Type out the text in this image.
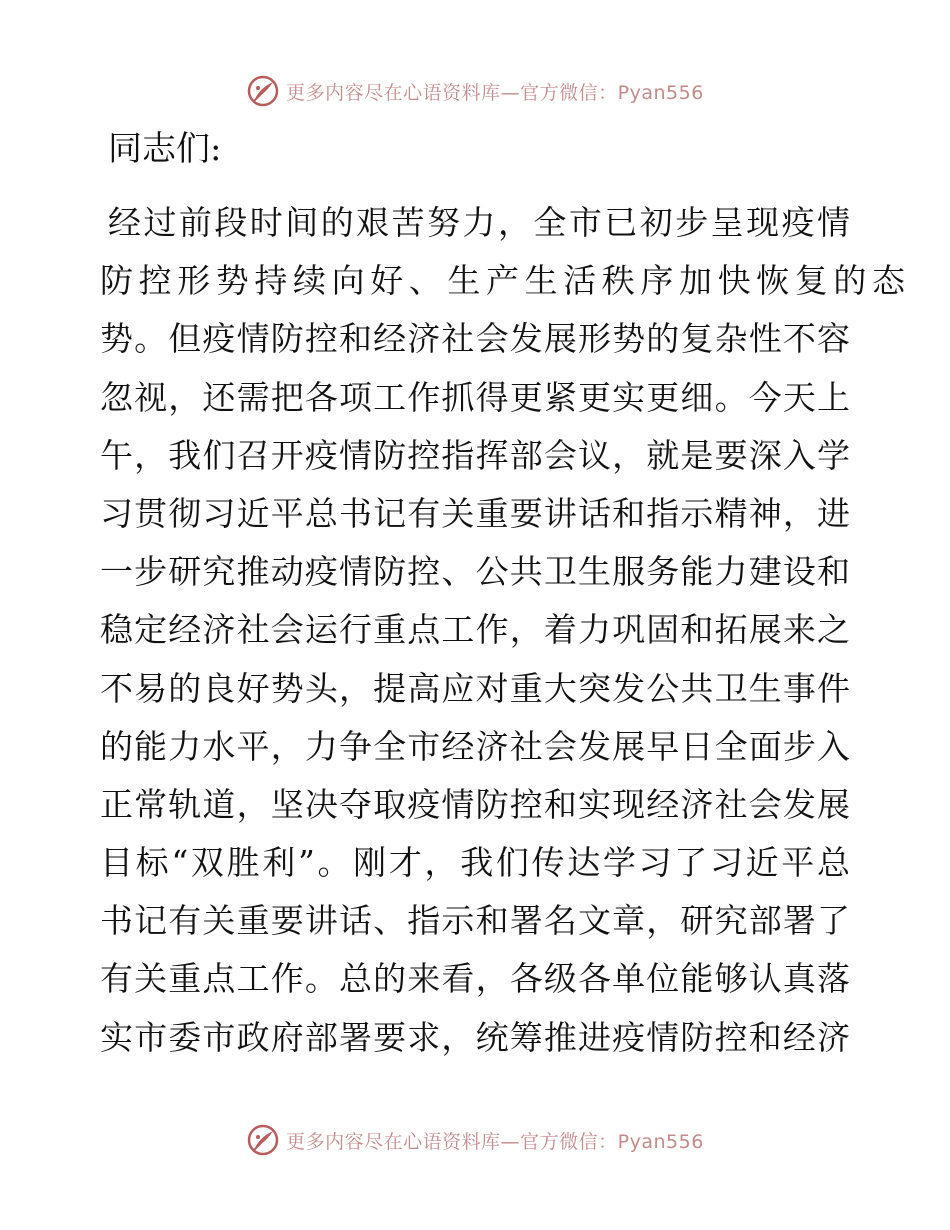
更多内容尽在心语资料库—官方微信：Pyan556
同志们:
经过前段时间的艰苦努力，全市已初步呈现疫情
防控形势持续向好、生产生活秩序加快恢复的态
势。但疫情防控和经济社会发展形势的复杂性不容
忽视，还需把各项工作抓得更紧更实更细。今天上
午，我们召开疫情防控指挥部会议，就是要深入学
习贯彻习近平总书记有关重要讲话和指示精神，进
一步研究推动疫情防控、公共卫生服务能力建设和
稳定经济社会运行重点工作，着力巩固和拓展来之
不易的良好势头，提高应对重大突发公共卫生事件
的能力水平，力争全市经济社会发展早日全面步入
正常轨道，坚决夺取疫情防控和实现经济社会发展
目标“双胜利”。刚才，我们传达学习了习近平总
书记有关重要讲话、指示和署名文章，研究部署了
有关重点工作。总的来看，各级各单位能够认真落
实市委市政府部署要求，统筹推进疫情防控和经济
更多内容尽在心语资料库—官方微信：Pyan556
